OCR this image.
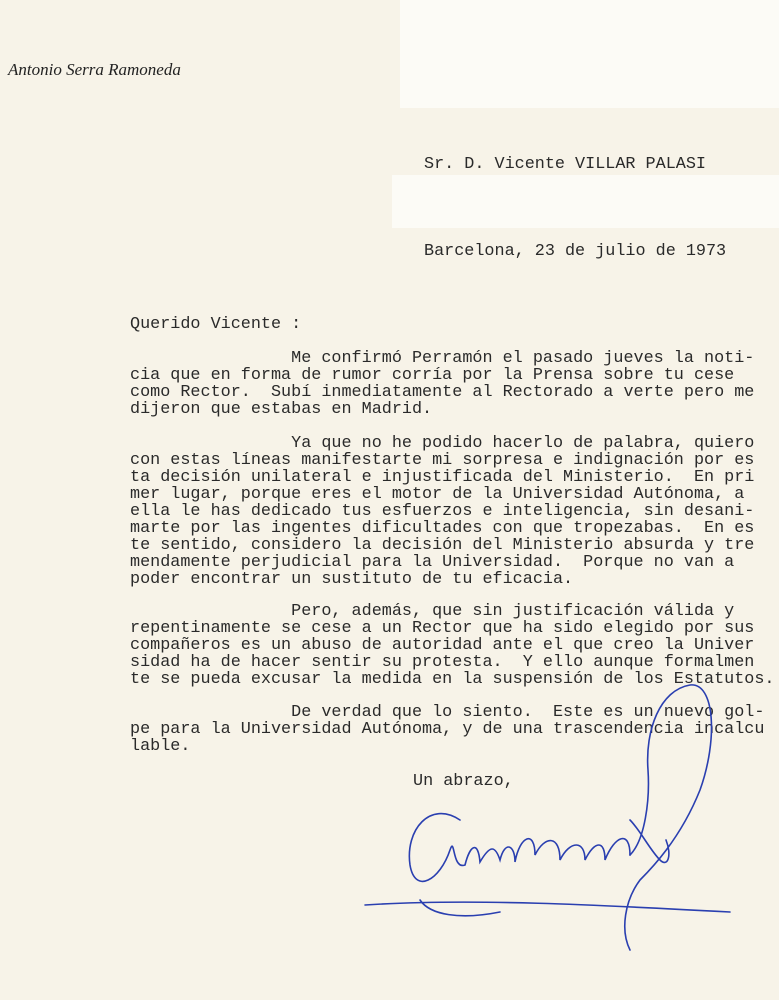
Antonio Serra Ramoneda
Sr. D. Vicente VILLAR PALASI
Barcelona, 23 de julio de 1973
Querido Vicente :
Me confirmó Perramón el pasado jueves la noti-
cia que en forma de rumor corría por la Prensa sobre tu cese
como Rector.  Subí inmediatamente al Rectorado a verte pero me
dijeron que estabas en Madrid.
Ya que no he podido hacerlo de palabra, quiero
con estas líneas manifestarte mi sorpresa e indignación por es
ta decisión unilateral e injustificada del Ministerio.  En pri
mer lugar, porque eres el motor de la Universidad Autónoma, a
ella le has dedicado tus esfuerzos e inteligencia, sin desani-
marte por las ingentes dificultades con que tropezabas.  En es
te sentido, considero la decisión del Ministerio absurda y tre
mendamente perjudicial para la Universidad.  Porque no van a
poder encontrar un sustituto de tu eficacia.
Pero, además, que sin justificación válida y
repentinamente se cese a un Rector que ha sido elegido por sus
compañeros es un abuso de autoridad ante el que creo la Univer
sidad ha de hacer sentir su protesta.  Y ello aunque formalmen
te se pueda excusar la medida en la suspensión de los Estatutos.
De verdad que lo siento.  Este es un nuevo gol-
pe para la Universidad Autónoma, y de una trascendencia incalcu
lable.
Un abrazo,
